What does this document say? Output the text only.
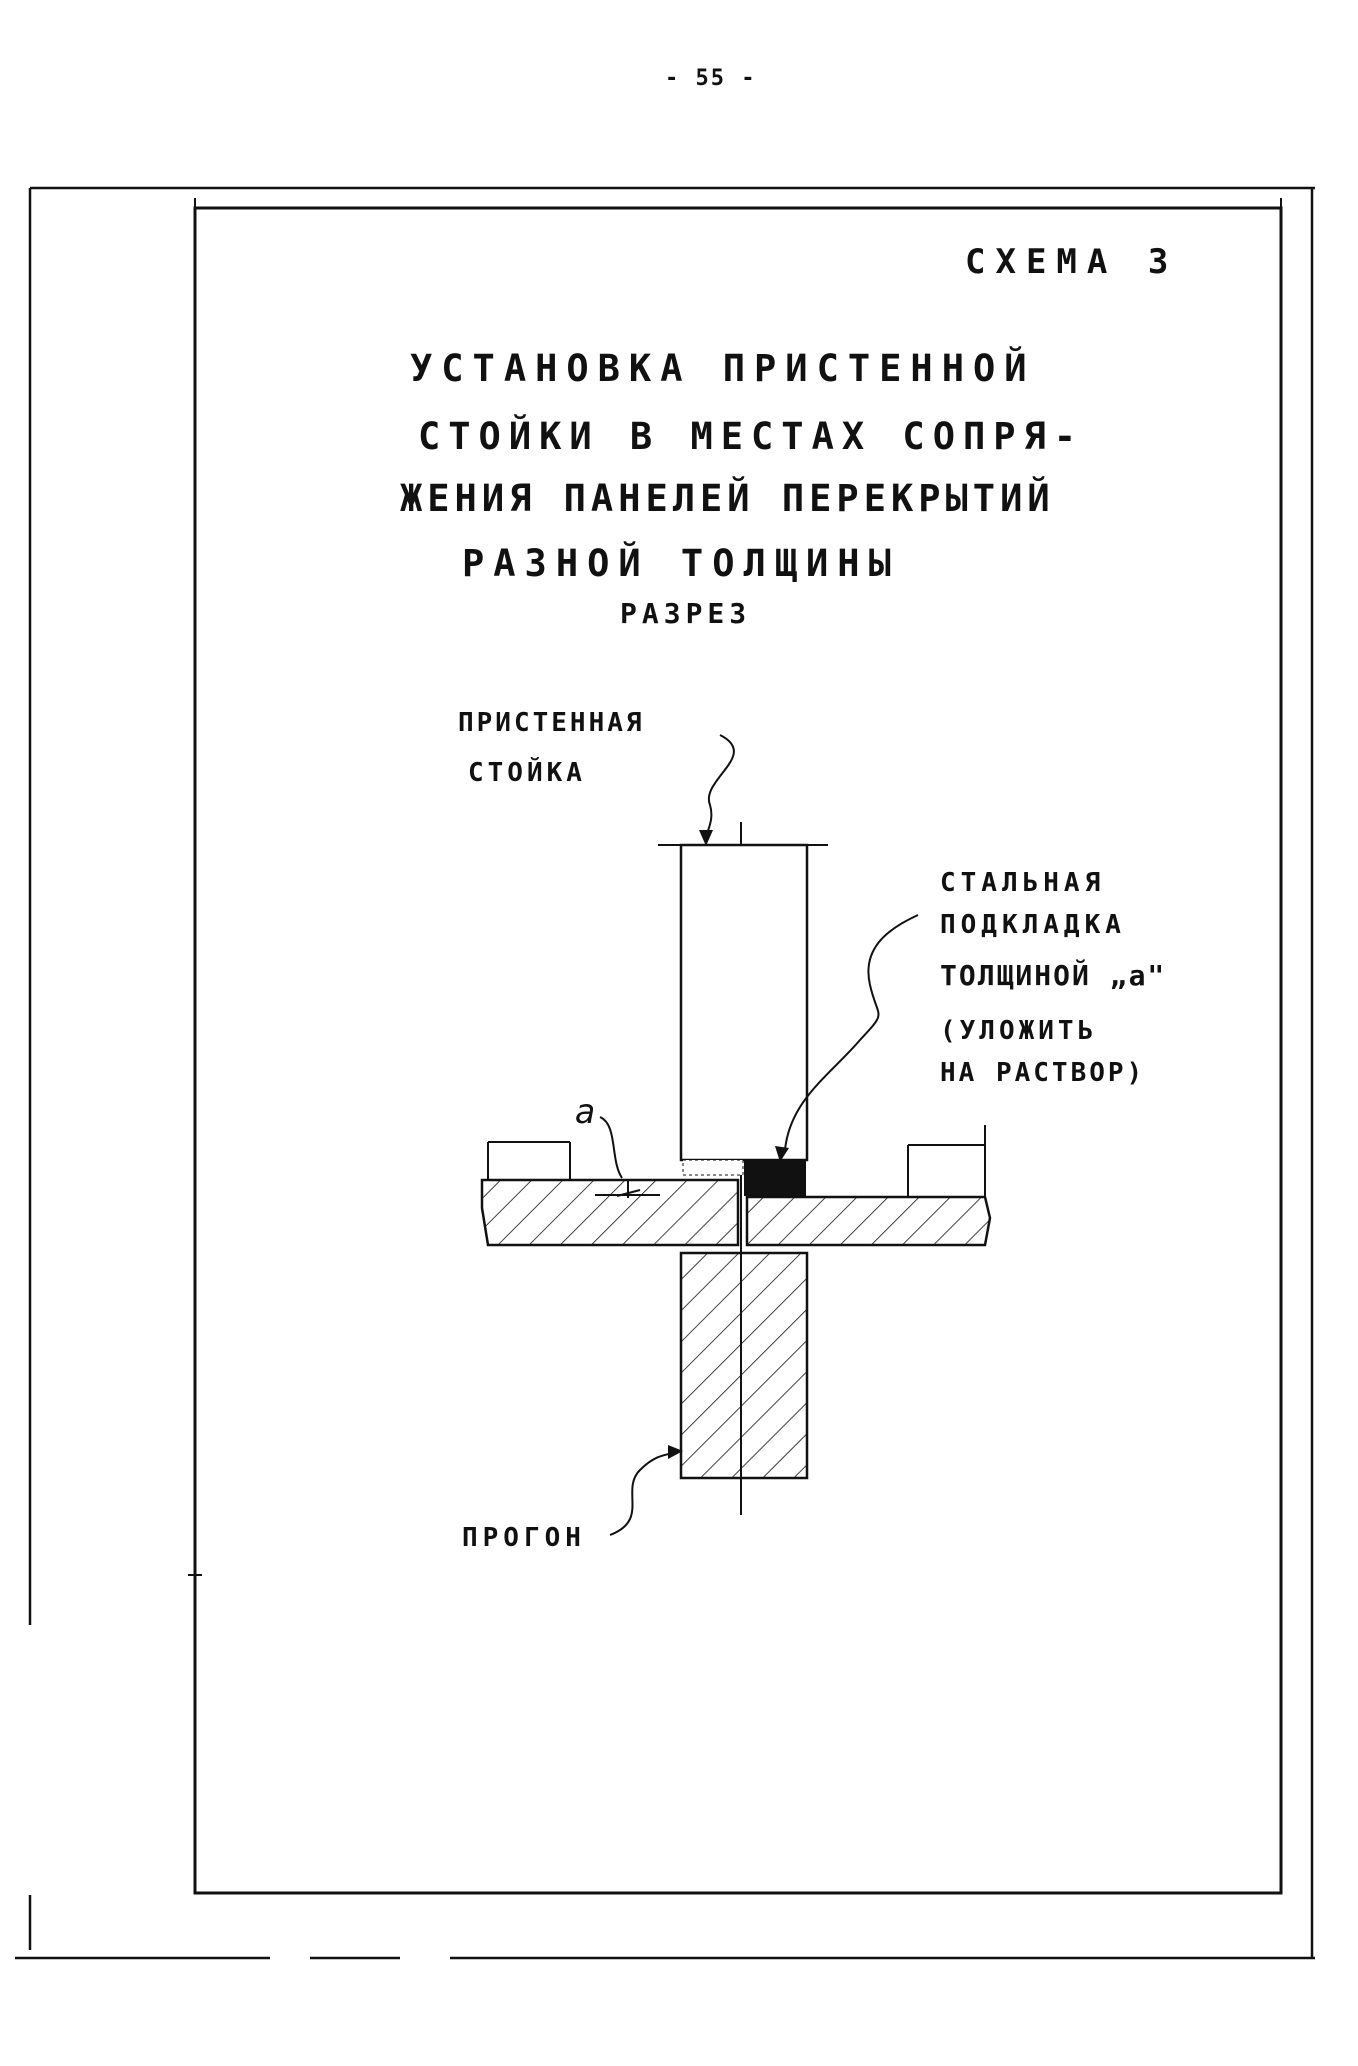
- 55 -
СХЕМА 3
УСТАНОВКА ПРИСТЕННОЙ
СТОЙКИ В МЕСТАХ СОПРЯ-
ЖЕНИЯ ПАНЕЛЕЙ ПЕРЕКРЫТИЙ
РАЗНОЙ ТОЛЩИНЫ
РАЗРЕЗ
ПРИСТЕННАЯ
СТОЙКА
СТАЛЬНАЯ
ПОДКЛАДКА
ТОЛЩИНОЙ „а"
(УЛОЖИТЬ
НА РАСТВОР)
а
ПРОГОН
